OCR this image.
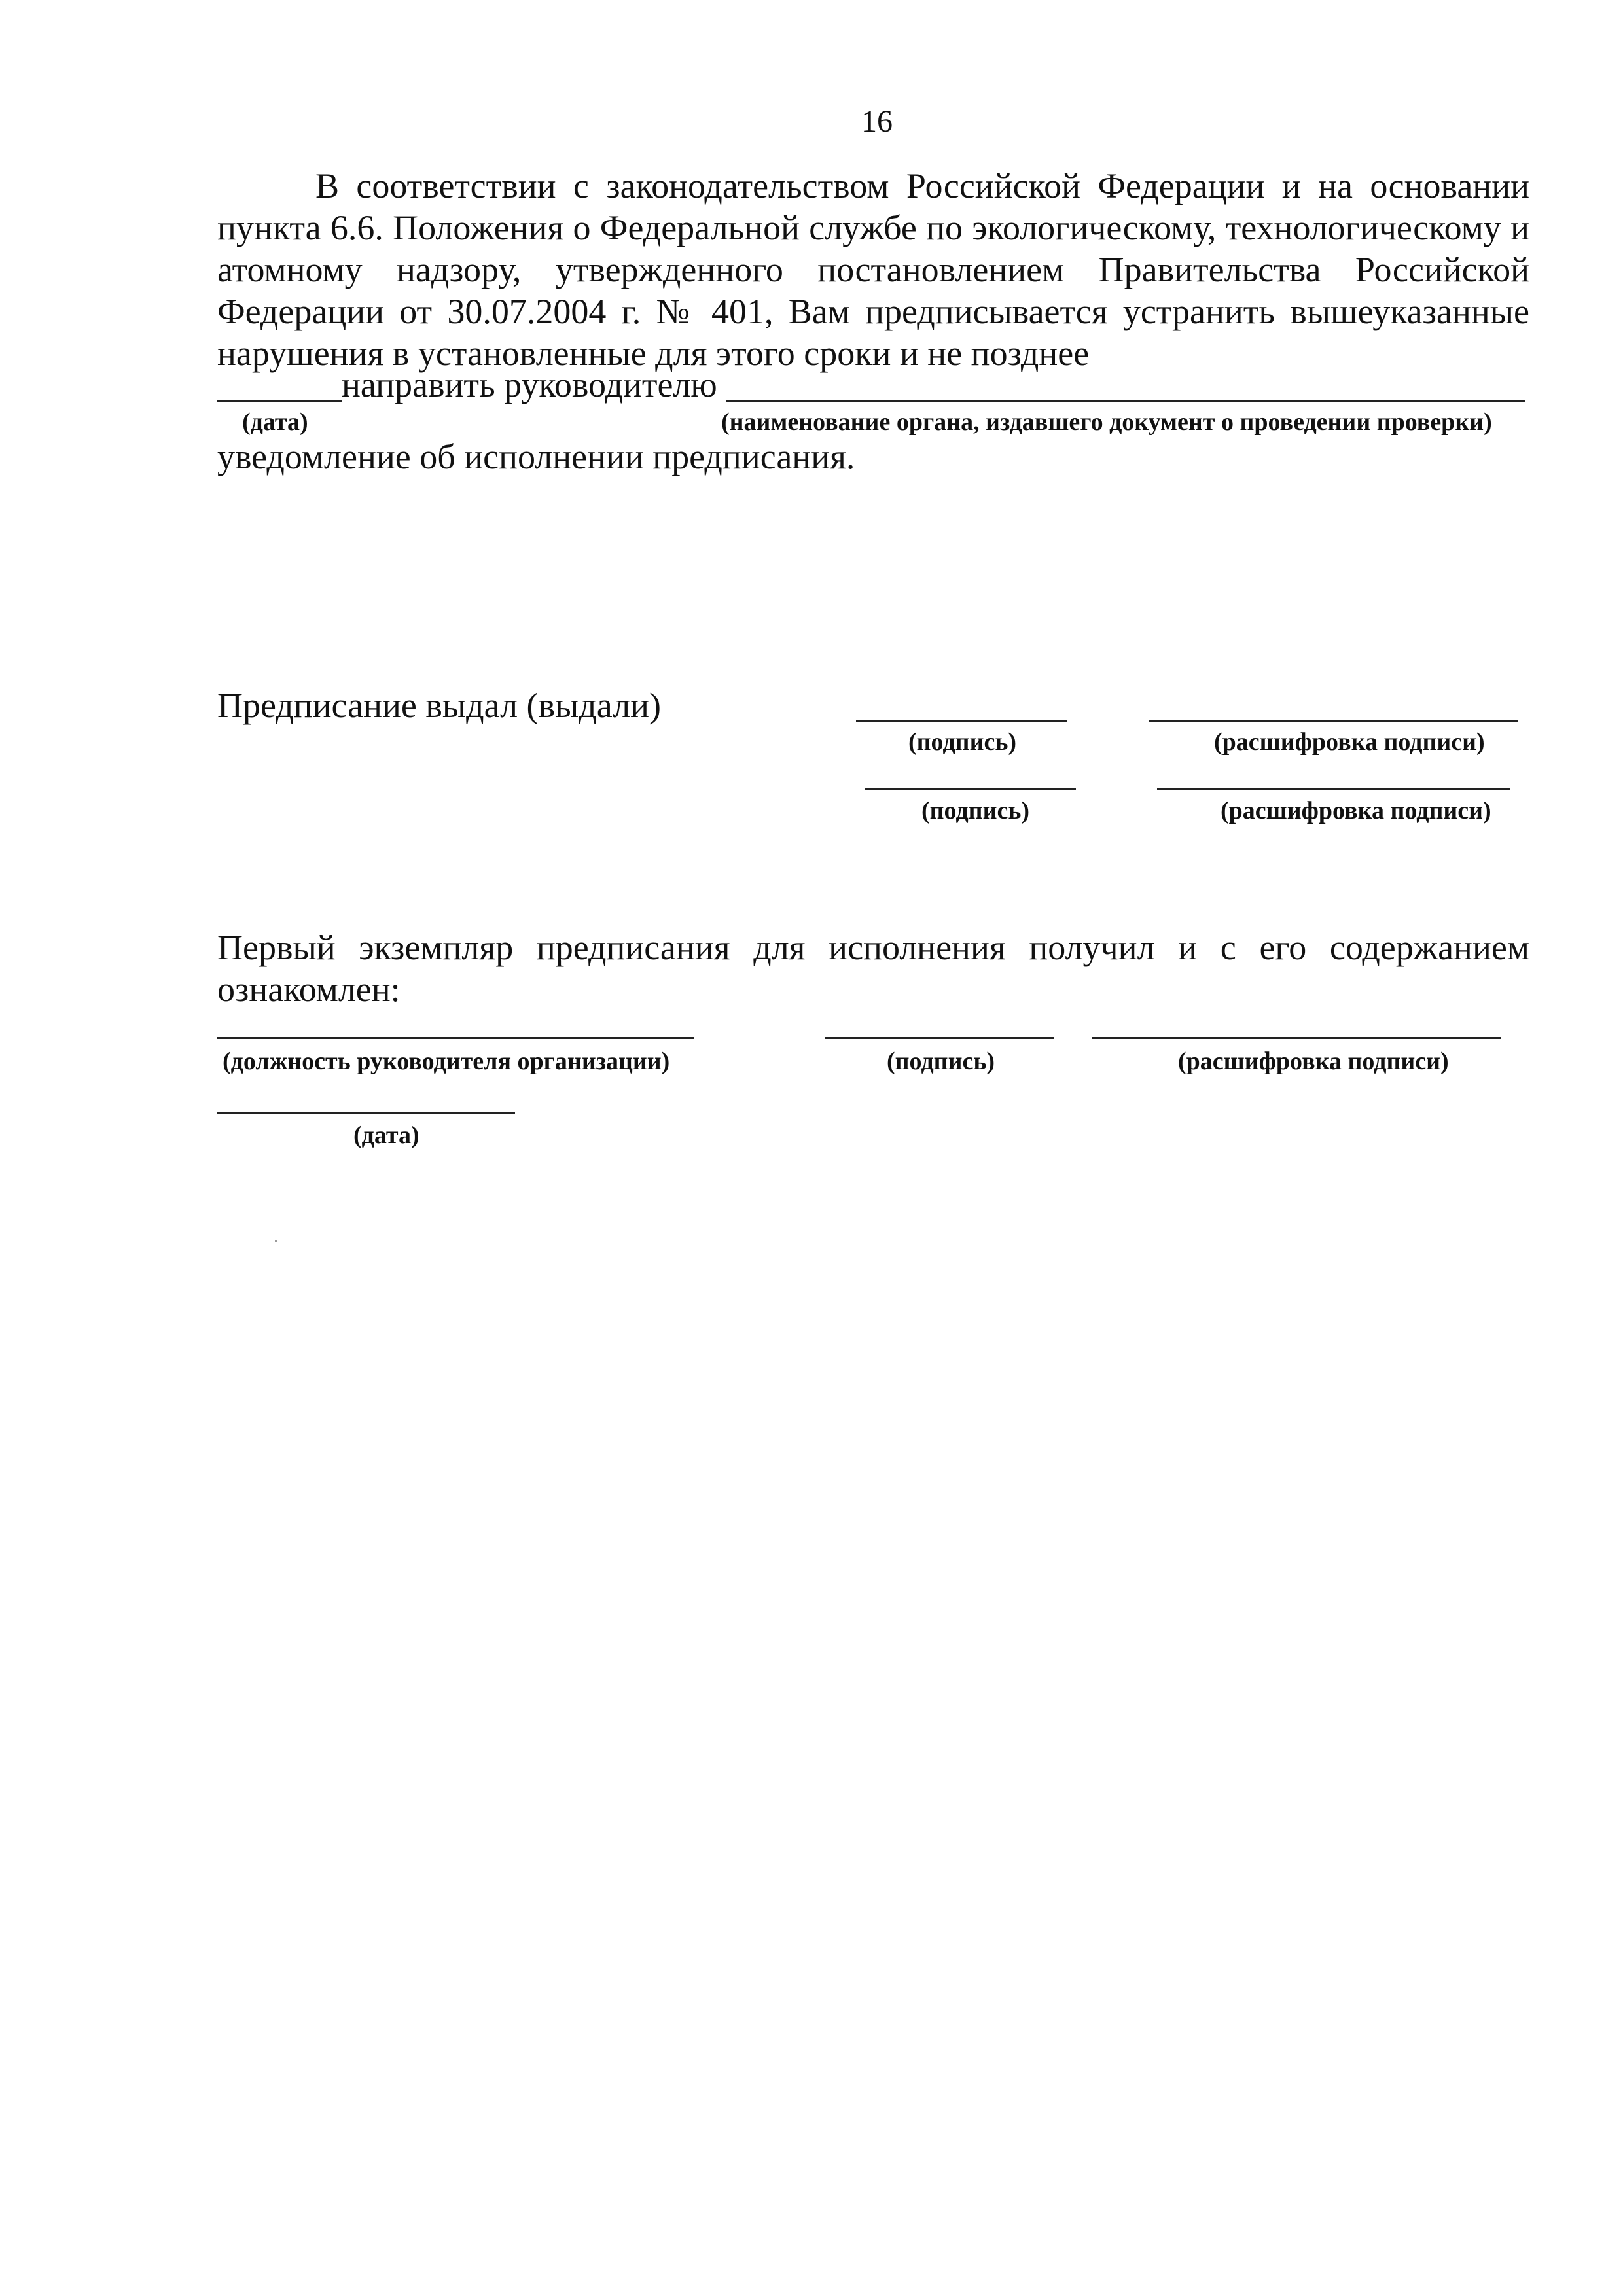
16
В соответствии с законодательством Российской Федерации и на основании пункта 6.6. Положения о Федеральной службе по экологическому, технологическому и атомному надзору, утвержденного постановлением Правительства Российской Федерации от 30.07.2004 г. № 401, Вам предписывается устранить вышеуказанные нарушения в установленные для этого сроки и не позднее
направить руководителю
(дата)	(наименование органа, издавшего документ о проведении проверки)
уведомление об исполнении предписания.
Предписание выдал (выдали)
(подпись)	(расшифровка подписи)
(подпись)	(расшифровка подписи)
Первый экземпляр предписания для исполнения получил и с его содержанием
ознакомлен:
(должность руководителя организации)	(подпись)	(расшифровка подписи)
(дата)
